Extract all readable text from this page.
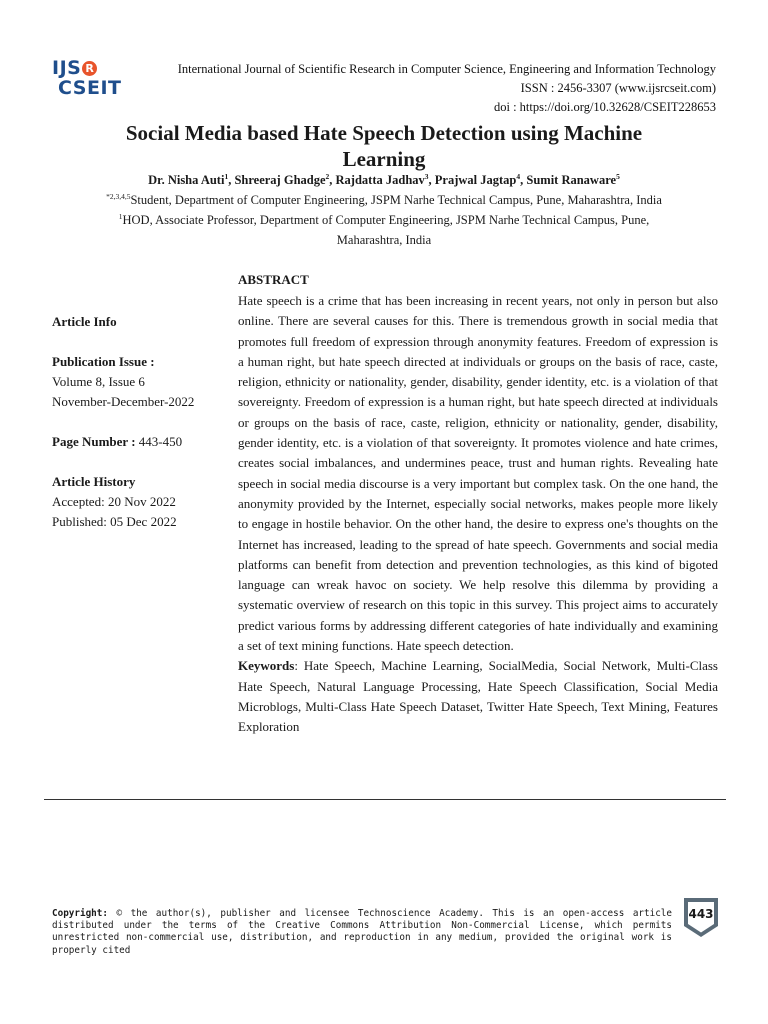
IJS R
CSEIT
International Journal of Scientific Research in Computer Science, Engineering and Information Technology
ISSN : 2456-3307 (www.ijsrcseit.com)
doi : https://doi.org/10.32628/CSEIT228653
Social Media based Hate Speech Detection using Machine
Learning
Dr. Nisha Auti$^1$, Shreeraj Ghadge$^2$, Rajdatta Jadhav$^3$, Prajwal Jagtap$^4$, Sumit Ranaware$^5$
$^{*2,3,4,5}$Student, Department of Computer Engineering, JSPM Narhe Technical Campus, Pune, Maharashtra, India
$^1$HOD, Associate Professor, Department of Computer Engineering, JSPM Narhe Technical Campus, Pune,
Maharashtra, India
Article Info
Publication Issue :
Volume 8, Issue 6
November-December-2022
Page Number : 443-450
Article History
Accepted: 20 Nov 2022
Published: 05 Dec 2022
ABSTRACT
Hate speech is a crime that has been increasing in recent years, not only in person but also online. There are several causes for this. There is tremendous growth in social media that promotes full freedom of expression through anonymity features. Freedom of expression is a human right, but hate speech directed at individuals or groups on the basis of race, caste, religion, ethnicity or nationality, gender, disability, gender identity, etc. is a violation of that sovereignty. Freedom of expression is a human right, but hate speech directed at individuals or groups on the basis of race, caste, religion, ethnicity or nationality, gender, disability, gender identity, etc. is a violation of that sovereignty. It promotes violence and hate crimes, creates social imbalances, and undermines peace, trust and human rights. Revealing hate speech in social media discourse is a very important but complex task. On the one hand, the anonymity provided by the Internet, especially social networks, makes people more likely to engage in hostile behavior. On the other hand, the desire to express one's thoughts on the Internet has increased, leading to the spread of hate speech. Governments and social media platforms can benefit from detection and prevention technologies, as this kind of bigoted language can wreak havoc on society. We help resolve this dilemma by providing a systematic overview of research on this topic in this survey. This project aims to accurately predict various forms by addressing different categories of hate individually and examining a set of text mining functions. Hate speech detection.
Keywords: Hate Speech, Machine Learning, SocialMedia, Social Network, Multi-Class Hate Speech, Natural Language Processing, Hate Speech Classification, Social Media Microblogs, Multi-Class Hate Speech Dataset, Twitter Hate Speech, Text Mining, Features Exploration
Copyright: © the author(s), publisher and licensee Technoscience Academy. This is an open-access article distributed under the terms of the Creative Commons Attribution Non-Commercial License, which permits unrestricted non-commercial use, distribution, and reproduction in any medium, provided the original work is properly cited
443
